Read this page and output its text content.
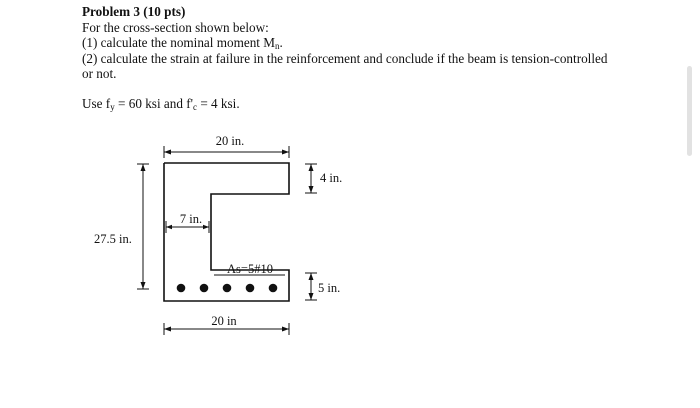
Problem 3 (10 pts)
For the cross-section shown below:
(1) calculate the nominal moment $M_n$.
(2) calculate the strain at failure in the reinforcement and conclude if the beam is tension-controlled
or not.
Use $f_y = 60$ ksi and $f'_c = 4$ ksi.
20 in.
4 in.
7 in.
27.5 in.
As=5#10
5 in.
20 in
